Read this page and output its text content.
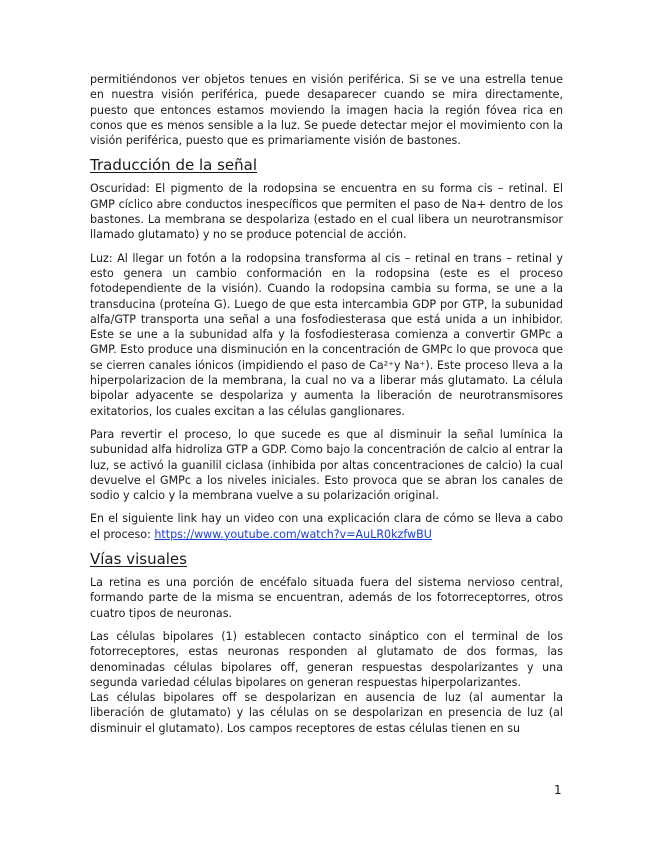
permitiéndonos ver objetos tenues en visión periférica. Si se ve una estrella tenue en nuestra visión periférica, puede desaparecer cuando se mira directamente, puesto que entonces estamos moviendo la imagen hacia la región fóvea rica en conos que es menos sensible a la luz. Se puede detectar mejor el movimiento con la visión periférica, puesto que es primariamente visión de bastones.

Traducción de la señal

Oscuridad: El pigmento de la rodopsina se encuentra en su forma cis – retinal. El GMP cíclico abre conductos inespecíficos que permiten el paso de Na+ dentro de los bastones. La membrana se despolariza (estado en el cual libera un neurotransmisor llamado glutamato) y no se produce potencial de acción.

Luz: Al llegar un fotón a la rodopsina transforma al cis – retinal en trans – retinal y esto genera un cambio conformación en la rodopsina (este es el proceso fotodependiente de la visión). Cuando la rodopsina cambia su forma, se une a la transducina (proteína G). Luego de que esta intercambia GDP por GTP, la subunidad alfa/GTP transporta una señal a una fosfodiesterasa que está unida a un inhibidor. Este se une a la subunidad alfa y la fosfodiesterasa comienza a convertir GMPc a GMP. Esto produce una disminución en la concentración de GMPc lo que provoca que se cierren canales iónicos (impidiendo el paso de Ca²⁺y Na⁺). Este proceso lleva a la hiperpolarizacion de la membrana, la cual no va a liberar más glutamato. La célula bipolar adyacente se despolariza y aumenta la liberación de neurotransmisores exitatorios, los cuales excitan a las células ganglionares.

Para revertir el proceso, lo que sucede es que al disminuir la señal lumínica la subunidad alfa hidroliza GTP a GDP. Como bajo la concentración de calcio al entrar la luz, se activó la guanilil ciclasa (inhibida por altas concentraciones de calcio) la cual devuelve el GMPc a los niveles iniciales. Esto provoca que se abran los canales de sodio y calcio y la membrana vuelve a su polarización original.

En el siguiente link hay un video con una explicación clara de cómo se lleva a cabo el proceso: https://www.youtube.com/watch?v=AuLR0kzfwBU

Vías visuales

La retina es una porción de encéfalo situada fuera del sistema nervioso central, formando parte de la misma se encuentran, además de los fotorreceptorres, otros cuatro tipos de neuronas.

Las células bipolares (1) establecen contacto sináptico con el terminal de los fotorreceptores, estas neuronas responden al glutamato de dos formas, las denominadas células bipolares off, generan respuestas despolarizantes y una segunda variedad células bipolares on generan respuestas hiperpolarizantes.

Las células bipolares off se despolarizan en ausencia de luz (al aumentar la liberación de glutamato) y las células on se despolarizan en presencia de luz (al disminuir el glutamato). Los campos receptores de estas células tienen en su

1
